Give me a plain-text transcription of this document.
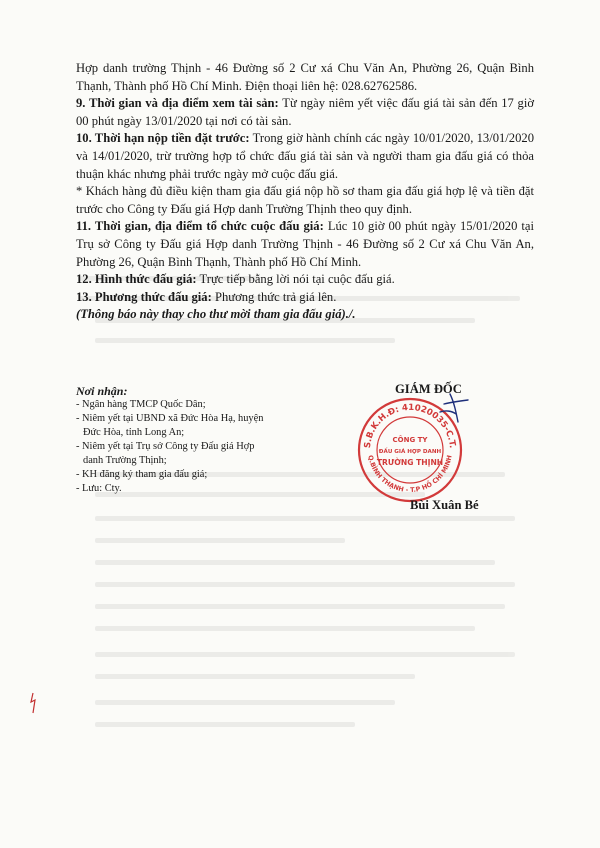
Hợp danh trường Thịnh - 46 Đường số 2 Cư xá Chu Văn An, Phường 26, Quận Bình Thạnh, Thành phố Hồ Chí Minh. Điện thoại liên hệ: 028.62762586.

9. Thời gian và địa điểm xem tài sản: Từ ngày niêm yết việc đấu giá tài sản đến 17 giờ 00 phút ngày 13/01/2020 tại nơi có tài sản.

10. Thời hạn nộp tiền đặt trước: Trong giờ hành chính các ngày 10/01/2020, 13/01/2020 và 14/01/2020, trừ trường hợp tổ chức đấu giá tài sản và người tham gia đấu giá có thỏa thuận khác nhưng phải trước ngày mở cuộc đấu giá.

* Khách hàng đủ điều kiện tham gia đấu giá nộp hồ sơ tham gia đấu giá hợp lệ và tiền đặt trước cho Công ty Đấu giá Hợp danh Trường Thịnh theo quy định.

11. Thời gian, địa điểm tổ chức cuộc đấu giá: Lúc 10 giờ 00 phút ngày 15/01/2020 tại Trụ sở Công ty Đấu giá Hợp danh Trường Thịnh - 46 Đường số 2 Cư xá Chu Văn An, Phường 26, Quận Bình Thạnh, Thành phố Hồ Chí Minh.

12. Hình thức đấu giá: Trực tiếp bằng lời nói tại cuộc đấu giá.

13. Phương thức đấu giá: Phương thức trả giá lên.

(Thông báo này thay cho thư mời tham gia đấu giá)./.

Nơi nhận:
- Ngân hàng TMCP Quốc Dân;
- Niêm yết tại UBND xã Đức Hòa Hạ, huyện Đức Hòa, tỉnh Long An;
- Niêm yết tại Trụ sở Công ty Đấu giá Hợp danh Trường Thịnh;
- KH đăng ký tham gia đấu giá;
- Lưu: Cty.
GIÁM ĐỐC
S.B.K.H.Đ: 41020035-C.T.
Q.BÌNH THẠNH - T.P HỒ CHÍ MINH
CÔNG TY
ĐẤU GIÁ HỢP DANH
TRƯỜNG THỊNH
Bùi Xuân Bé
